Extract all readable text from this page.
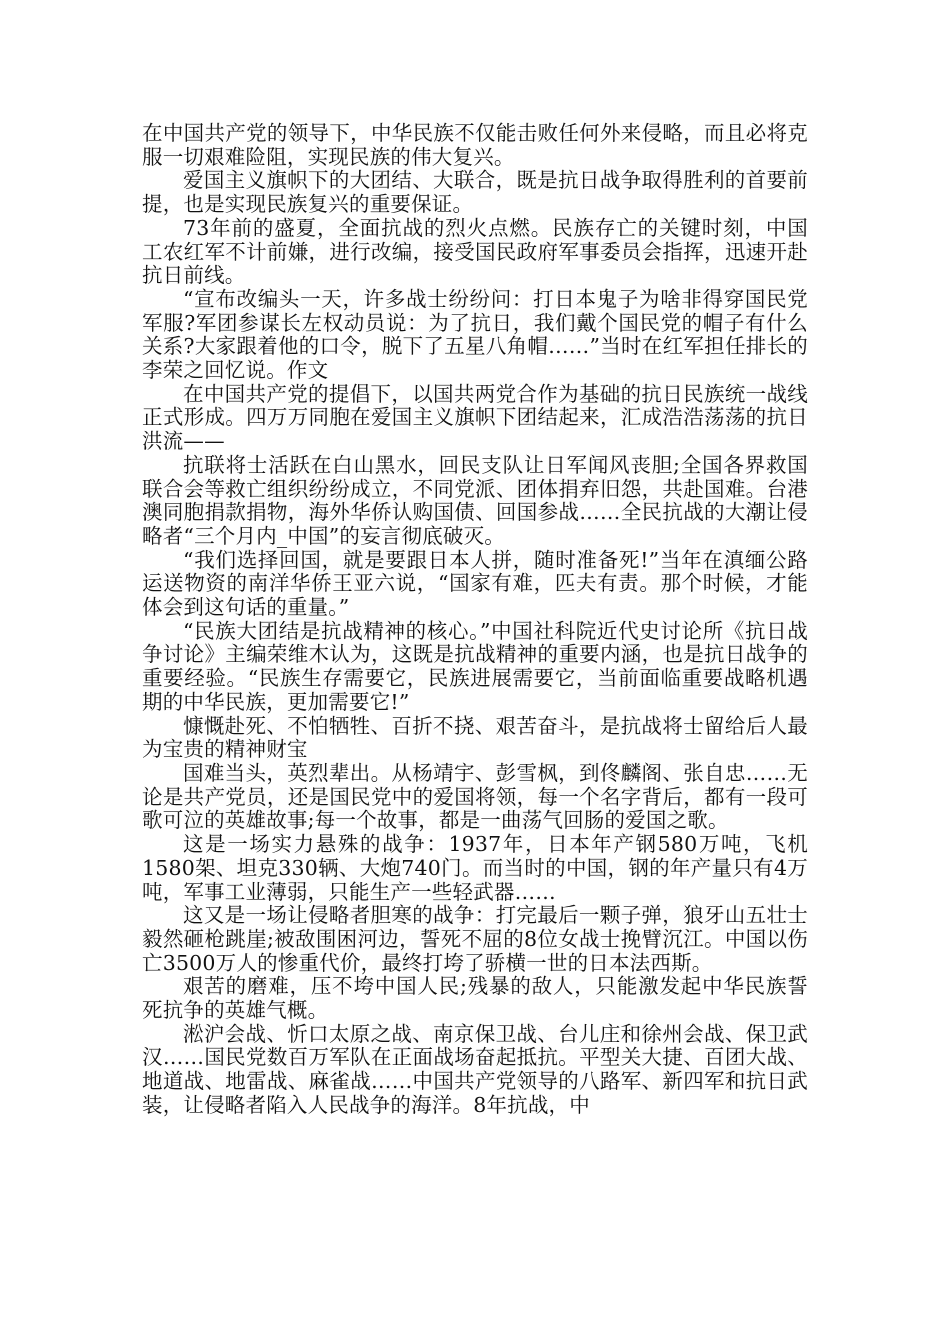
在中国共产党的领导下，中华民族不仅能击败任何外来侵略，而且必将克服一切艰难险阻，实现民族的伟大复兴。

爱国主义旗帜下的大团结、大联合，既是抗日战争取得胜利的首要前提，也是实现民族复兴的重要保证。

73年前的盛夏，全面抗战的烈火点燃。民族存亡的关键时刻，中国工农红军不计前嫌，进行改编，接受国民政府军事委员会指挥，迅速开赴抗日前线。

“宣布改编头一天，许多战士纷纷问：打日本鬼子为啥非得穿国民党军服?军团参谋长左权动员说：为了抗日，我们戴个国民党的帽子有什么关系?大家跟着他的口令，脱下了五星八角帽……”当时在红军担任排长的李荣之回忆说。作文

在中国共产党的提倡下，以国共两党合作为基础的抗日民族统一战线正式形成。四万万同胞在爱国主义旗帜下团结起来，汇成浩浩荡荡的抗日洪流——

抗联将士活跃在白山黑水，回民支队让日军闻风丧胆;全国各界救国联合会等救亡组织纷纷成立，不同党派、团体捐弃旧怨，共赴国难。台港澳同胞捐款捐物，海外华侨认购国债、回国参战……全民抗战的大潮让侵略者“三个月内_中国”的妄言彻底破灭。

“我们选择回国，就是要跟日本人拼，随时准备死!”当年在滇缅公路运送物资的南洋华侨王亚六说，“国家有难，匹夫有责。那个时候，才能体会到这句话的重量。”

“民族大团结是抗战精神的核心。”中国社科院近代史讨论所《抗日战争讨论》主编荣维木认为，这既是抗战精神的重要内涵，也是抗日战争的重要经验。“民族生存需要它，民族进展需要它，当前面临重要战略机遇期的中华民族，更加需要它!”

慷慨赴死、不怕牺牲、百折不挠、艰苦奋斗，是抗战将士留给后人最为宝贵的精神财宝

国难当头，英烈辈出。从杨靖宇、彭雪枫，到佟麟阁、张自忠……无论是共产党员，还是国民党中的爱国将领，每一个名字背后，都有一段可歌可泣的英雄故事;每一个故事，都是一曲荡气回肠的爱国之歌。

这是一场实力悬殊的战争：1937年，日本年产钢580万吨，飞机1580架、坦克330辆、大炮740门。而当时的中国，钢的年产量只有4万吨，军事工业薄弱，只能生产一些轻武器……

这又是一场让侵略者胆寒的战争：打完最后一颗子弹，狼牙山五壮士毅然砸枪跳崖;被敌围困河边，誓死不屈的8位女战士挽臂沉江。中国以伤亡3500万人的惨重代价，最终打垮了骄横一世的日本法西斯。

艰苦的磨难，压不垮中国人民;残暴的敌人，只能激发起中华民族誓死抗争的英雄气概。

淞沪会战、忻口太原之战、南京保卫战、台儿庄和徐州会战、保卫武汉……国民党数百万军队在正面战场奋起抵抗。平型关大捷、百团大战、地道战、地雷战、麻雀战……中国共产党领导的八路军、新四军和抗日武装，让侵略者陷入人民战争的海洋。8年抗战，中
